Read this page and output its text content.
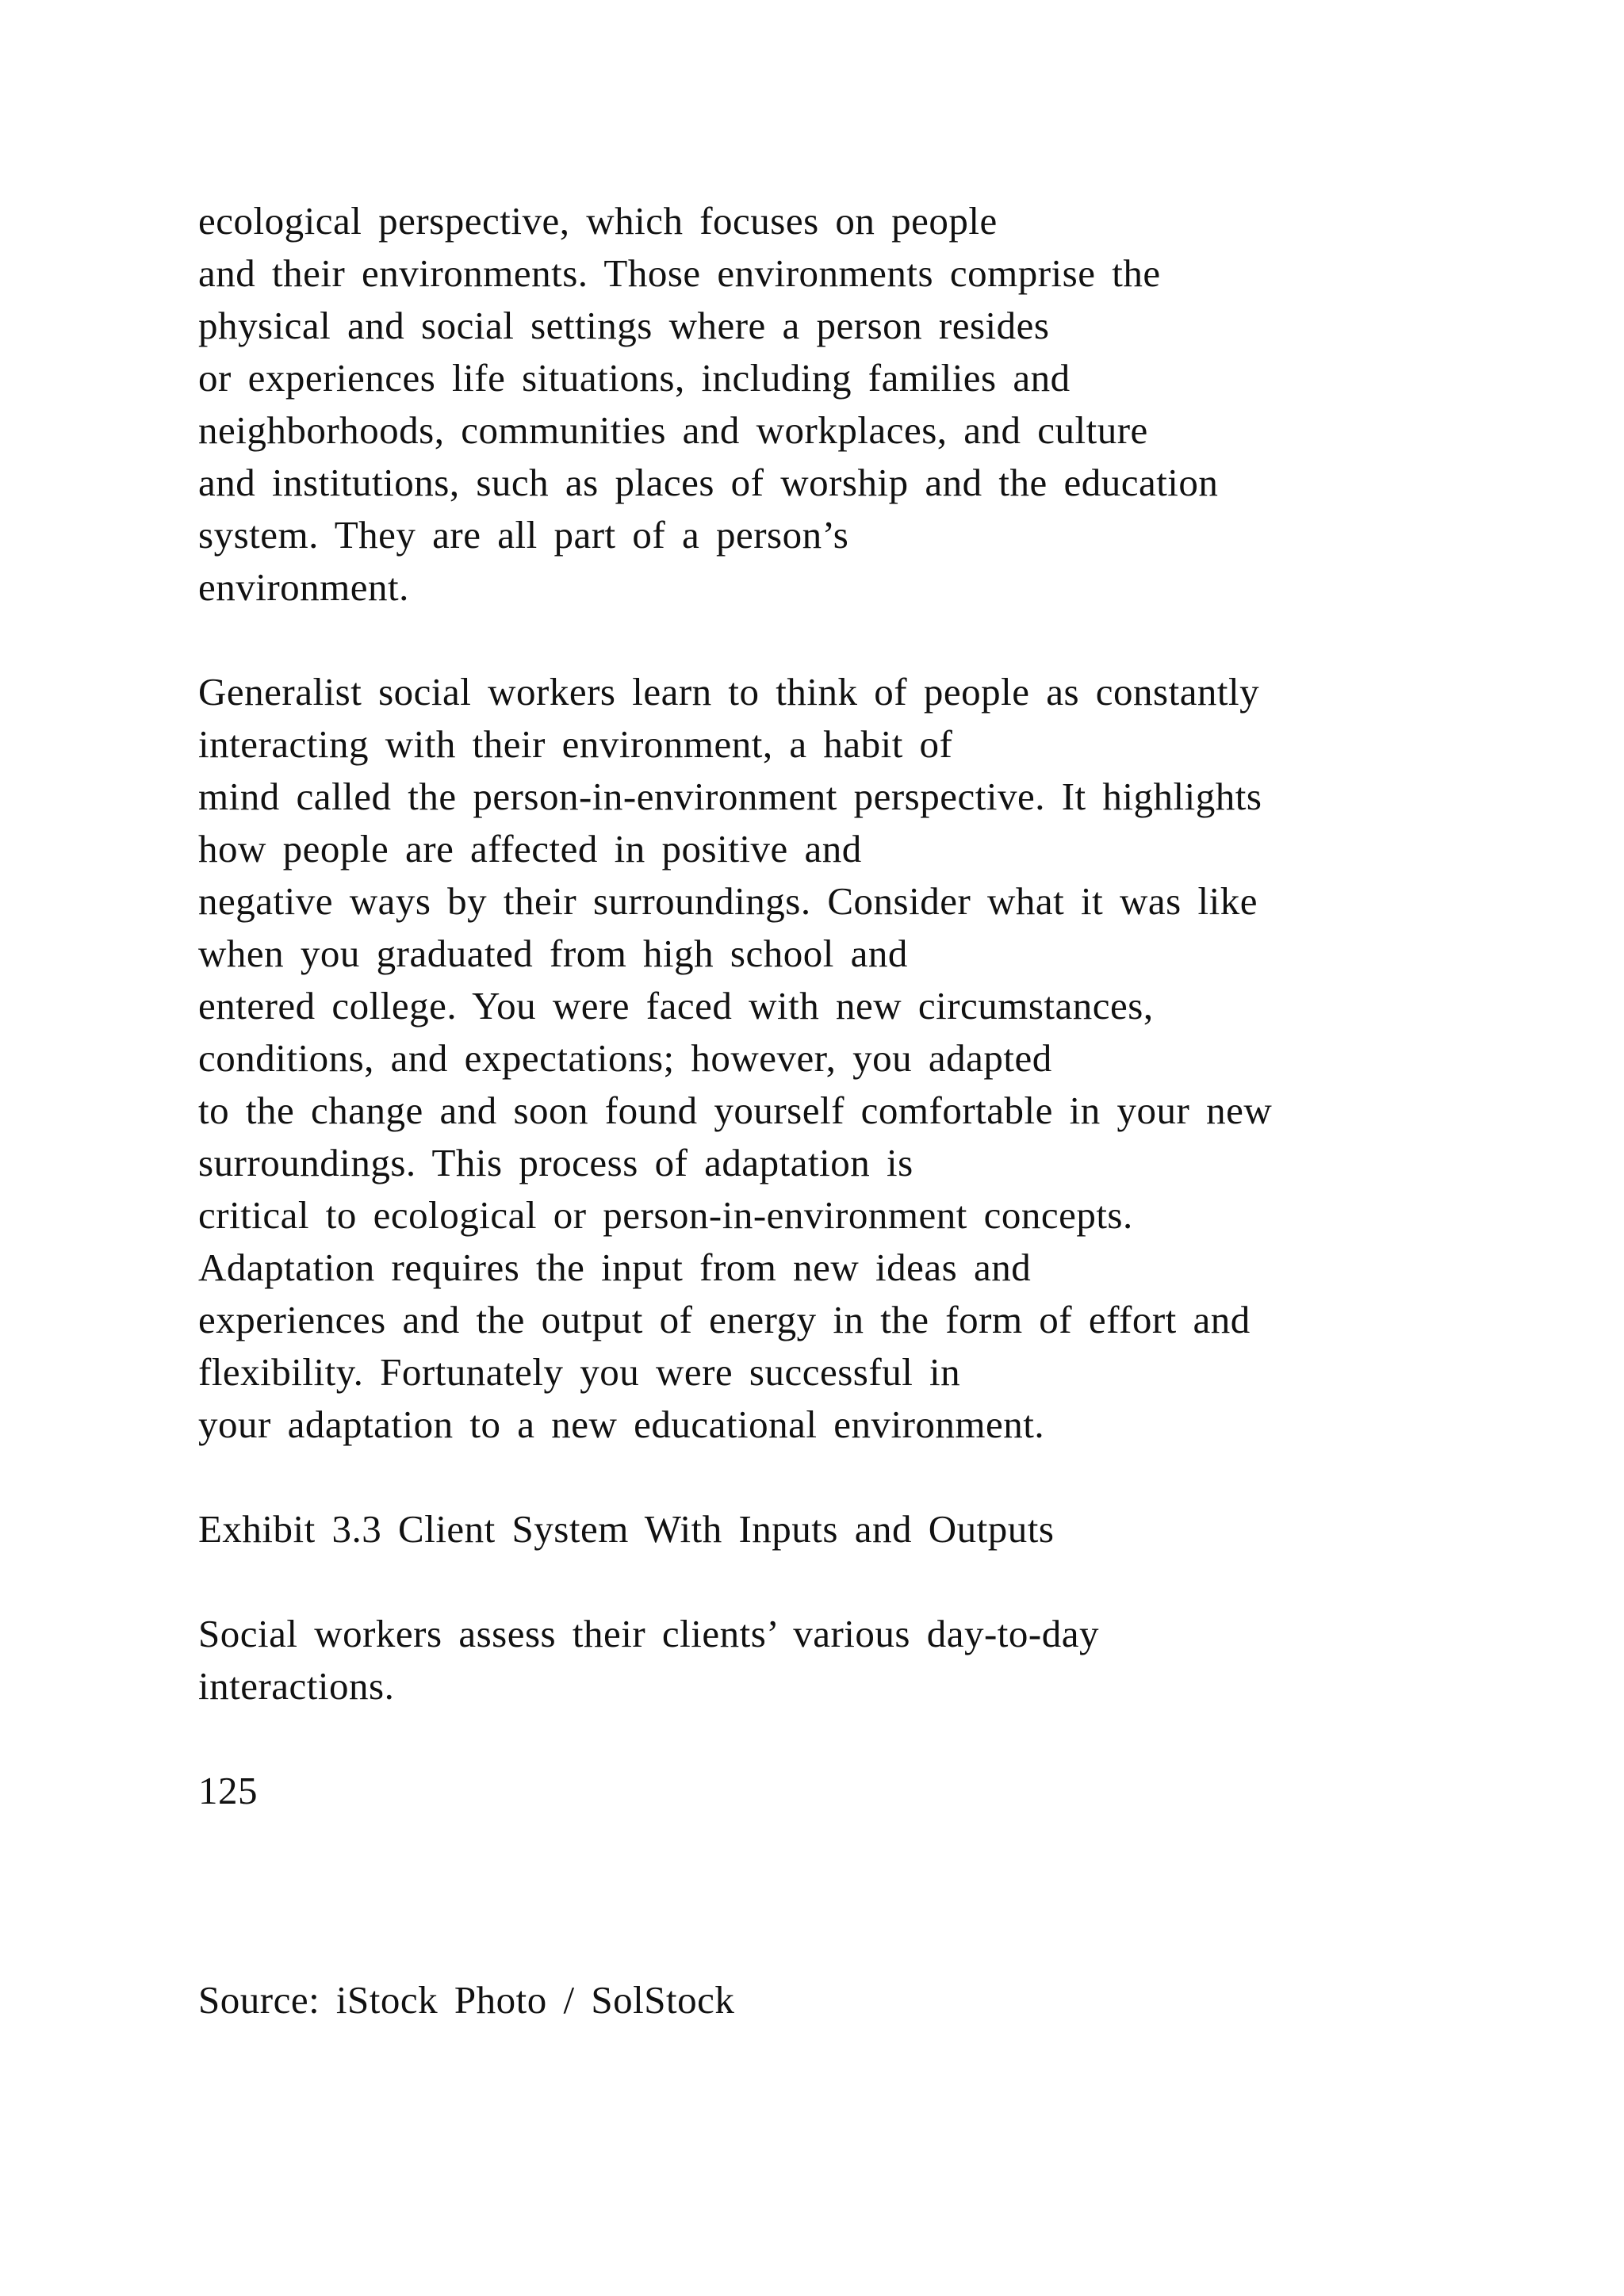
ecological perspective, which focuses on people
and their environments. Those environments comprise the
physical and social settings where a person resides
or experiences life situations, including families and
neighborhoods, communities and workplaces, and culture
and institutions, such as places of worship and the education
system. They are all part of a person’s
environment.
Generalist social workers learn to think of people as constantly
interacting with their environment, a habit of
mind called the person-in-environment perspective. It highlights
how people are affected in positive and
negative ways by their surroundings. Consider what it was like
when you graduated from high school and
entered college. You were faced with new circumstances,
conditions, and expectations; however, you adapted
to the change and soon found yourself comfortable in your new
surroundings. This process of adaptation is
critical to ecological or person-in-environment concepts.
Adaptation requires the input from new ideas and
experiences and the output of energy in the form of effort and
flexibility. Fortunately you were successful in
your adaptation to a new educational environment.
Exhibit 3.3 Client System With Inputs and Outputs
Social workers assess their clients’ various day-to-day
interactions.
125
Source: iStock Photo / SolStock
